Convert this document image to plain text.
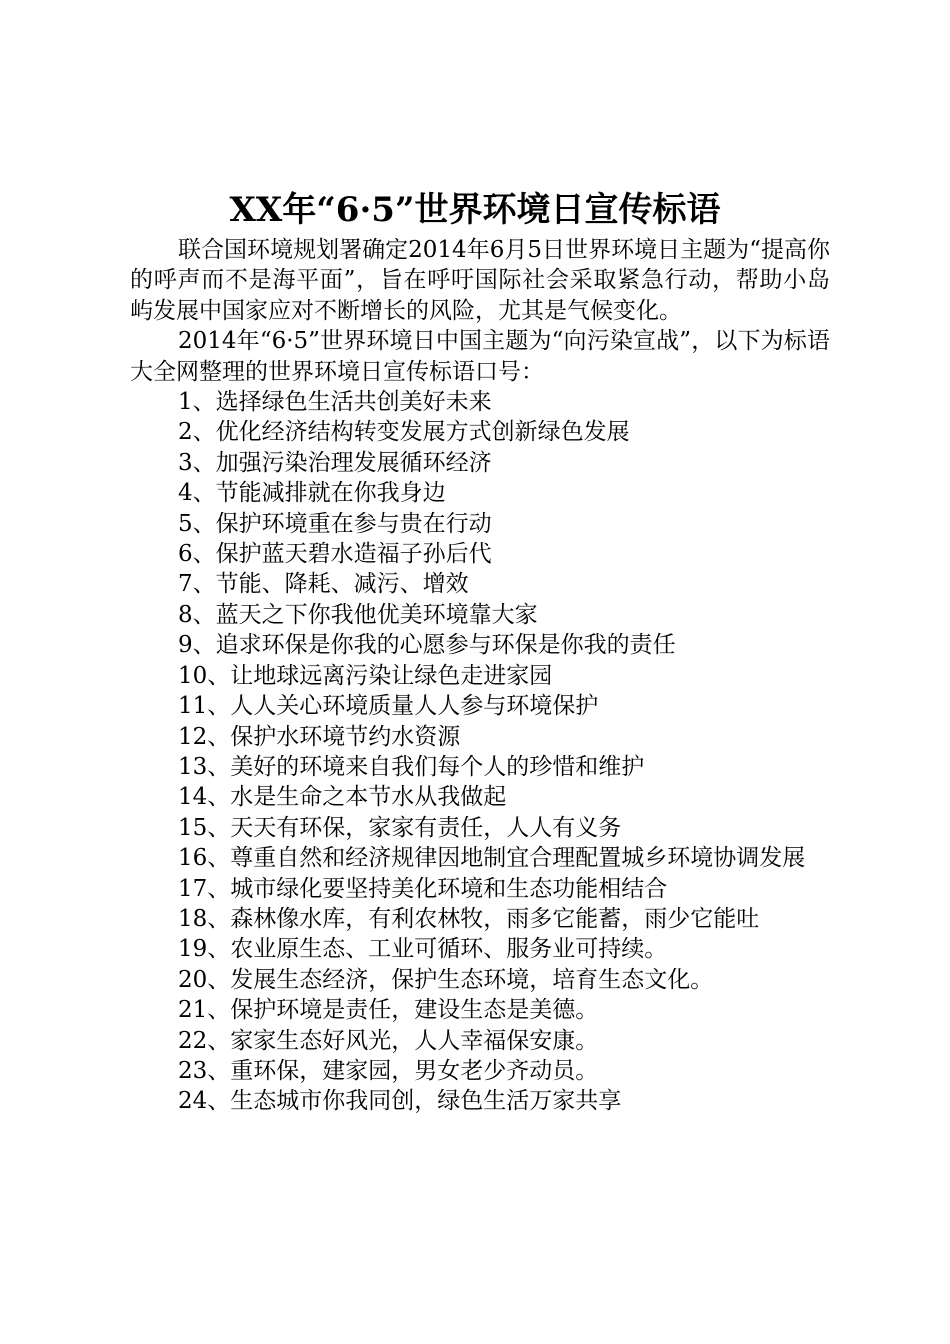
XX年“6·5”世界环境日宣传标语

联合国环境规划署确定2014年6月5日世界环境日主题为“提高你的呼声而不是海平面”，旨在呼吁国际社会采取紧急行动，帮助小岛屿发展中国家应对不断增长的风险，尤其是气候变化。

2014年“6·5”世界环境日中国主题为“向污染宣战”，以下为标语大全网整理的世界环境日宣传标语口号：

1、选择绿色生活共创美好未来
2、优化经济结构转变发展方式创新绿色发展
3、加强污染治理发展循环经济
4、节能减排就在你我身边
5、保护环境重在参与贵在行动
6、保护蓝天碧水造福子孙后代
7、节能、降耗、减污、增效
8、蓝天之下你我他优美环境靠大家
9、追求环保是你我的心愿参与环保是你我的责任
10、让地球远离污染让绿色走进家园
11、人人关心环境质量人人参与环境保护
12、保护水环境节约水资源
13、美好的环境来自我们每个人的珍惜和维护
14、水是生命之本节水从我做起
15、天天有环保，家家有责任，人人有义务
16、尊重自然和经济规律因地制宜合理配置城乡环境协调发展
17、城市绿化要坚持美化环境和生态功能相结合
18、森林像水库，有利农林牧，雨多它能蓄，雨少它能吐
19、农业原生态、工业可循环、服务业可持续。
20、发展生态经济，保护生态环境，培育生态文化。
21、保护环境是责任，建设生态是美德。
22、家家生态好风光，人人幸福保安康。
23、重环保，建家园，男女老少齐动员。
24、生态城市你我同创，绿色生活万家共享
